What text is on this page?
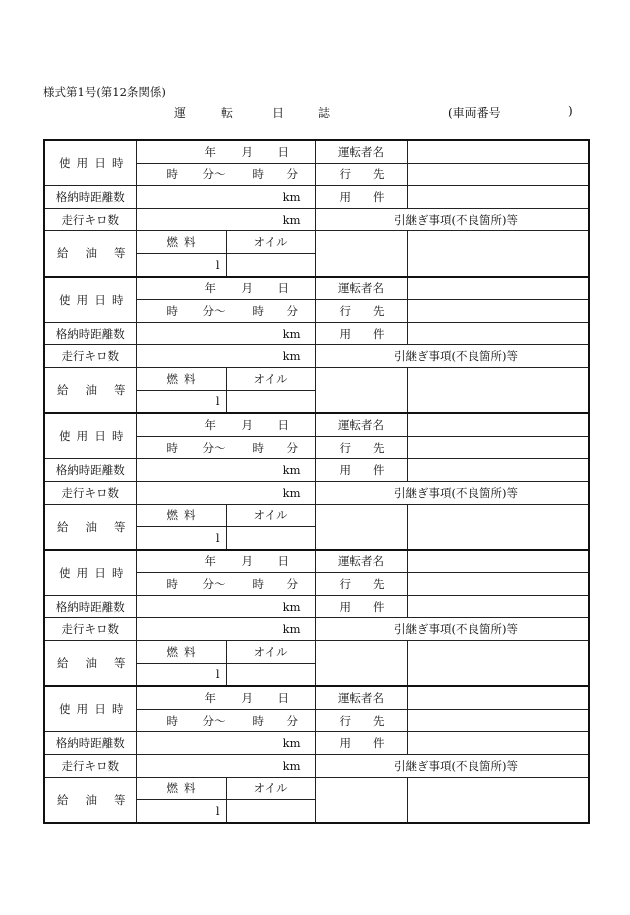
様式第1号(第12条関係)
運	転	日	誌	(車両番号	)
使 用 日 時	年 月 日		運転者名	

	時 分～ 時 分		行 先	

格納時距離数	km		用 件	

走行キロ数	km		引継ぎ事項(不良箇所)等	

給 油 等	燃 料	オイル		

	l			

使 用 日 時	年 月 日		運転者名	

	時 分～ 時 分		行 先	

格納時距離数	km		用 件	

走行キロ数	km		引継ぎ事項(不良箇所)等	

給 油 等	燃 料	オイル		

	l			

使 用 日 時	年 月 日		運転者名	

	時 分～ 時 分		行 先	

格納時距離数	km		用 件	

走行キロ数	km		引継ぎ事項(不良箇所)等	

給 油 等	燃 料	オイル		

	l			

使 用 日 時	年 月 日		運転者名	

	時 分～ 時 分		行 先	

格納時距離数	km		用 件	

走行キロ数	km		引継ぎ事項(不良箇所)等	

給 油 等	燃 料	オイル		

	l			

使 用 日 時	年 月 日		運転者名	

	時 分～ 時 分		行 先	

格納時距離数	km		用 件	

走行キロ数	km		引継ぎ事項(不良箇所)等	

給 油 等	燃 料	オイル		

	l			
